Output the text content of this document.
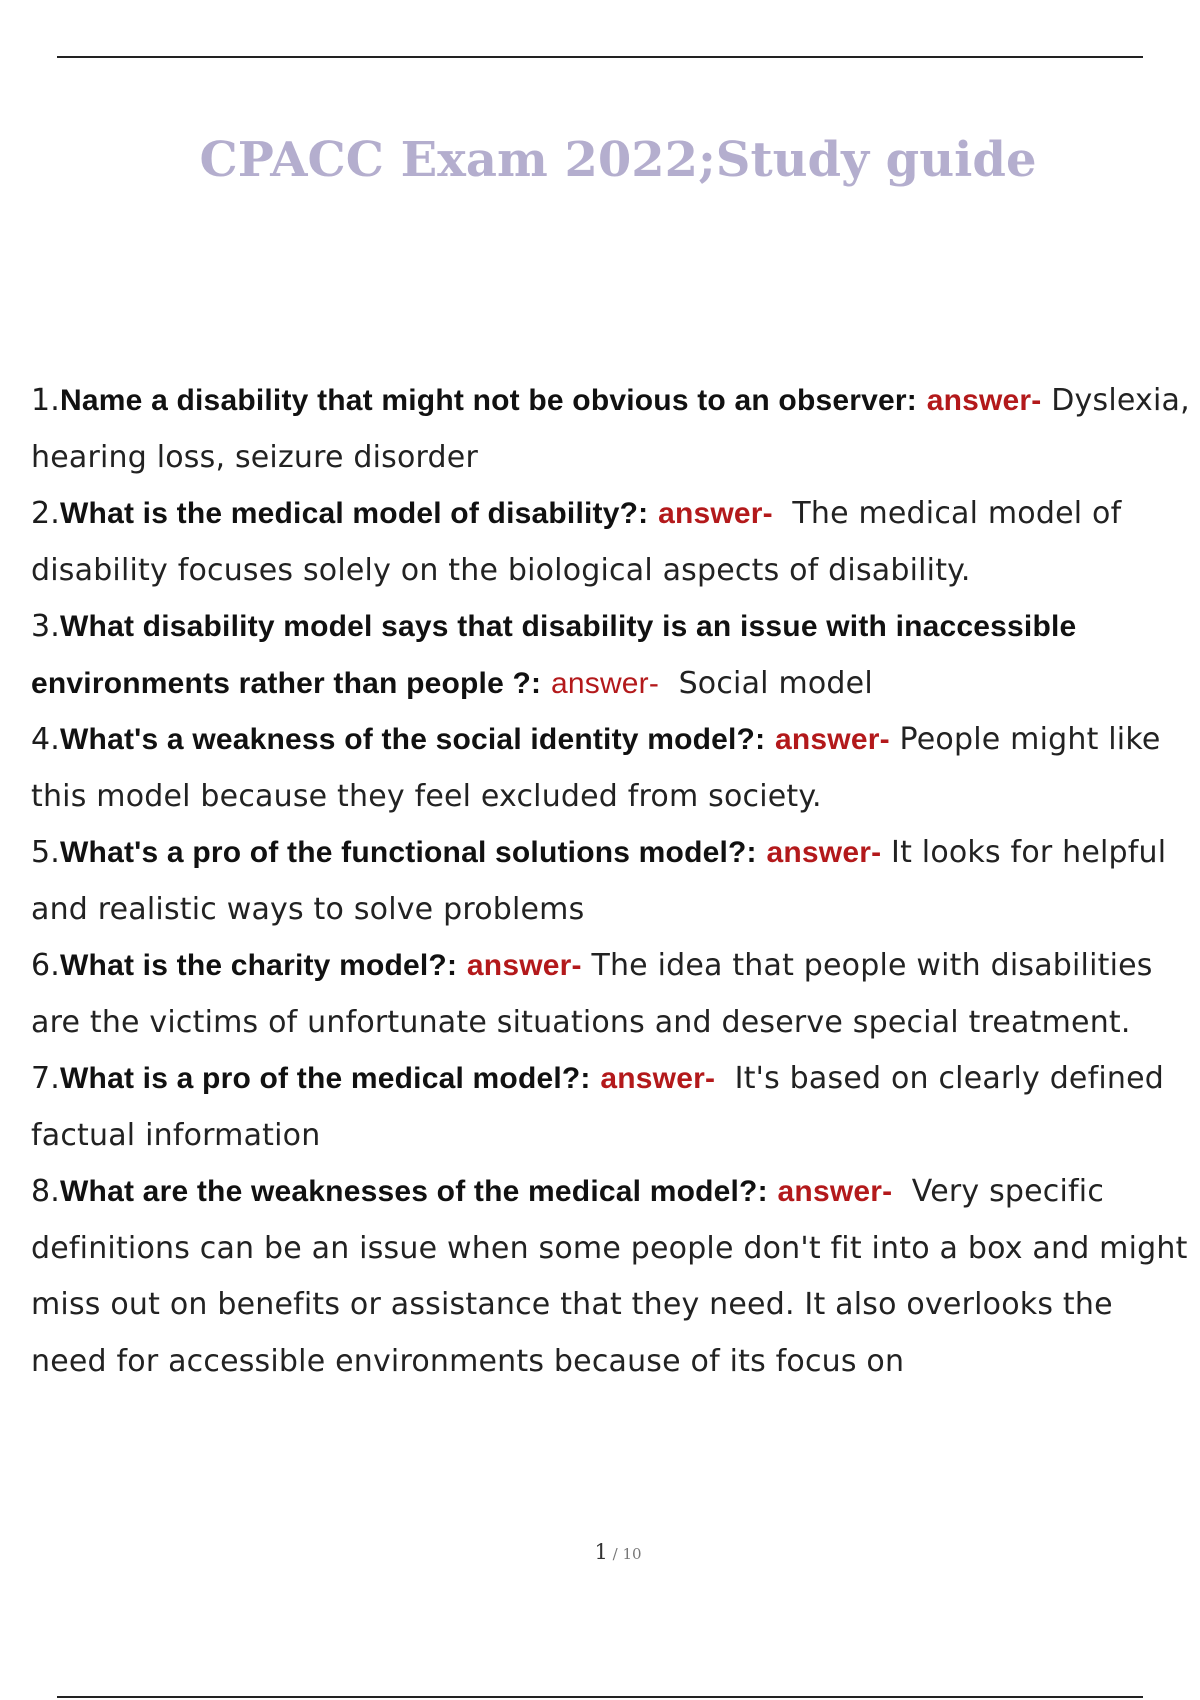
CPACC Exam 2022;Study guide
1.Name a disability that might not be obvious to an observer: answer- Dyslexia, hearing loss, seizure disorder
2.What is the medical model of disability?: answer- The medical model of disability focuses solely on the biological aspects of disability.
3.What disability model says that disability is an issue with inaccessible environments rather than people ?: answer- Social model
4.What's a weakness of the social identity model?: answer- People might like this model because they feel excluded from society.
5.What's a pro of the functional solutions model?: answer- It looks for helpful and realistic ways to solve problems
6.What is the charity model?: answer- The idea that people with disabilities are the victims of unfortunate situations and deserve special treatment.
7.What is a pro of the medical model?: answer- It's based on clearly defined factual information
8.What are the weaknesses of the medical model?: answer- Very specific definitions can be an issue when some people don't fit into a box and might miss out on benefits or assistance that they need. It also overlooks the need for accessible environments because of its focus on
1 / 10
